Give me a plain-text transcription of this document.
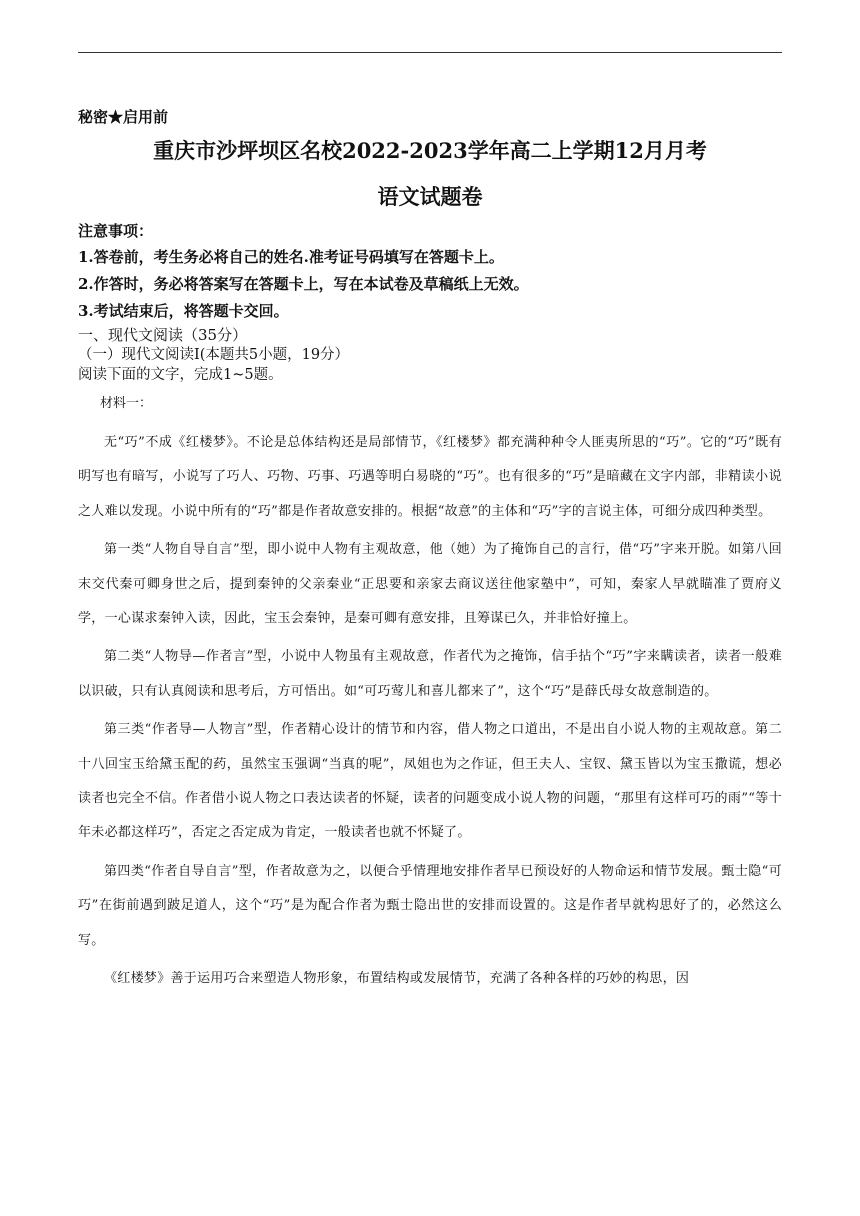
秘密★启用前

重庆市沙坪坝区名校2022-2023学年高二上学期12月月考
语文试题卷

注意事项：

1.答卷前，考生务必将自己的姓名.准考证号码填写在答题卡上。

2.作答时，务必将答案写在答题卡上，写在本试卷及草稿纸上无效。

3.考试结束后，将答题卡交回。

一、现代文阅读（35分）

（一）现代文阅读Ⅰ(本题共5小题，19分）

阅读下面的文字，完成1~5题。

材料一：

无“巧”不成《红楼梦》。不论是总体结构还是局部情节，《红楼梦》都充满种种令人匪夷所思的“巧”。它的“巧”既有明写也有暗写，小说写了巧人、巧物、巧事、巧遇等明白易晓的“巧”。也有很多的“巧”是暗藏在文字内部，非精读小说之人难以发现。小说中所有的“巧”都是作者故意安排的。根据“故意”的主体和“巧”字的言说主体，可细分成四种类型。

第一类“人物自导自言”型，即小说中人物有主观故意，他（她）为了掩饰自己的言行，借“巧”字来开脱。如第八回末交代秦可卿身世之后，提到秦钟的父亲秦业“正思要和亲家去商议送往他家塾中”，可知，秦家人早就瞄准了贾府义学，一心谋求秦钟入读，因此，宝玉会秦钟，是秦可卿有意安排，且筹谋已久，并非恰好撞上。

第二类“人物导—作者言”型，小说中人物虽有主观故意，作者代为之掩饰，信手拈个“巧”字来瞒读者，读者一般难以识破，只有认真阅读和思考后，方可悟出。如“可巧莺儿和喜儿都来了”，这个“巧”是薛氏母女故意制造的。

第三类“作者导—人物言”型，作者精心设计的情节和内容，借人物之口道出，不是出自小说人物的主观故意。第二十八回宝玉给黛玉配的药，虽然宝玉强调“当真的呢”，凤姐也为之作证，但王夫人、宝钗、黛玉皆以为宝玉撒谎，想必读者也完全不信。作者借小说人物之口表达读者的怀疑，读者的问题变成小说人物的问题，“那里有这样可巧的雨”“等十年未必都这样巧”，否定之否定成为肯定，一般读者也就不怀疑了。

第四类“作者自导自言”型，作者故意为之，以便合乎情理地安排作者早已预设好的人物命运和情节发展。甄士隐“可巧”在街前遇到跛足道人，这个“巧”是为配合作者为甄士隐出世的安排而设置的。这是作者早就构思好了的，必然这么写。

《红楼梦》善于运用巧合来塑造人物形象，布置结构或发展情节，充满了各种各样的巧妙的构思，因
